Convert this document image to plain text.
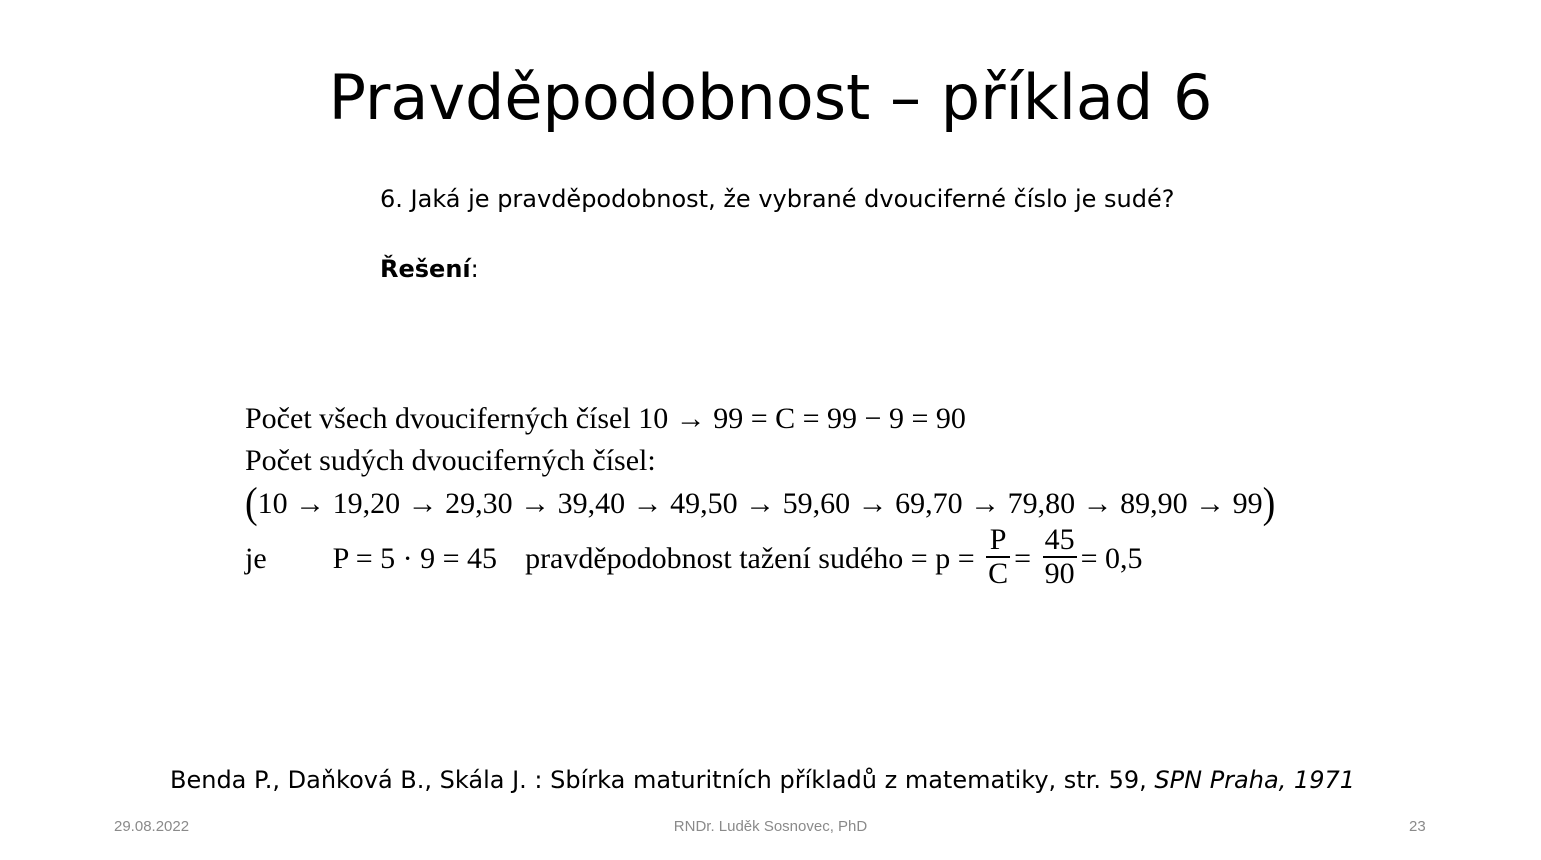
Pravděpodobnost – příklad 6
6. Jaká je pravděpodobnost, že vybrané dvouciferné číslo je sudé?
Řešení:
Počet všech dvouciferných čísel 10 → 99 = C = 99 − 9 = 90
Počet sudých dvouciferných čísel:
(10 → 19,20 → 29,30 → 39,40 → 49,50 → 59,60 → 69,70 → 79,80 → 89,90 → 99)
je P = 5 · 9 = 45 pravděpodobnost tažení sudého = $p = \frac{P}{C} = \frac{45}{90} = 0,5$
Benda P., Daňková B., Skála J. : Sbírka maturitních příkladů z matematiky, str. 59, SPN Praha, 1971
29.08.2022	RNDr. Luděk Sosnovec, PhD	23
